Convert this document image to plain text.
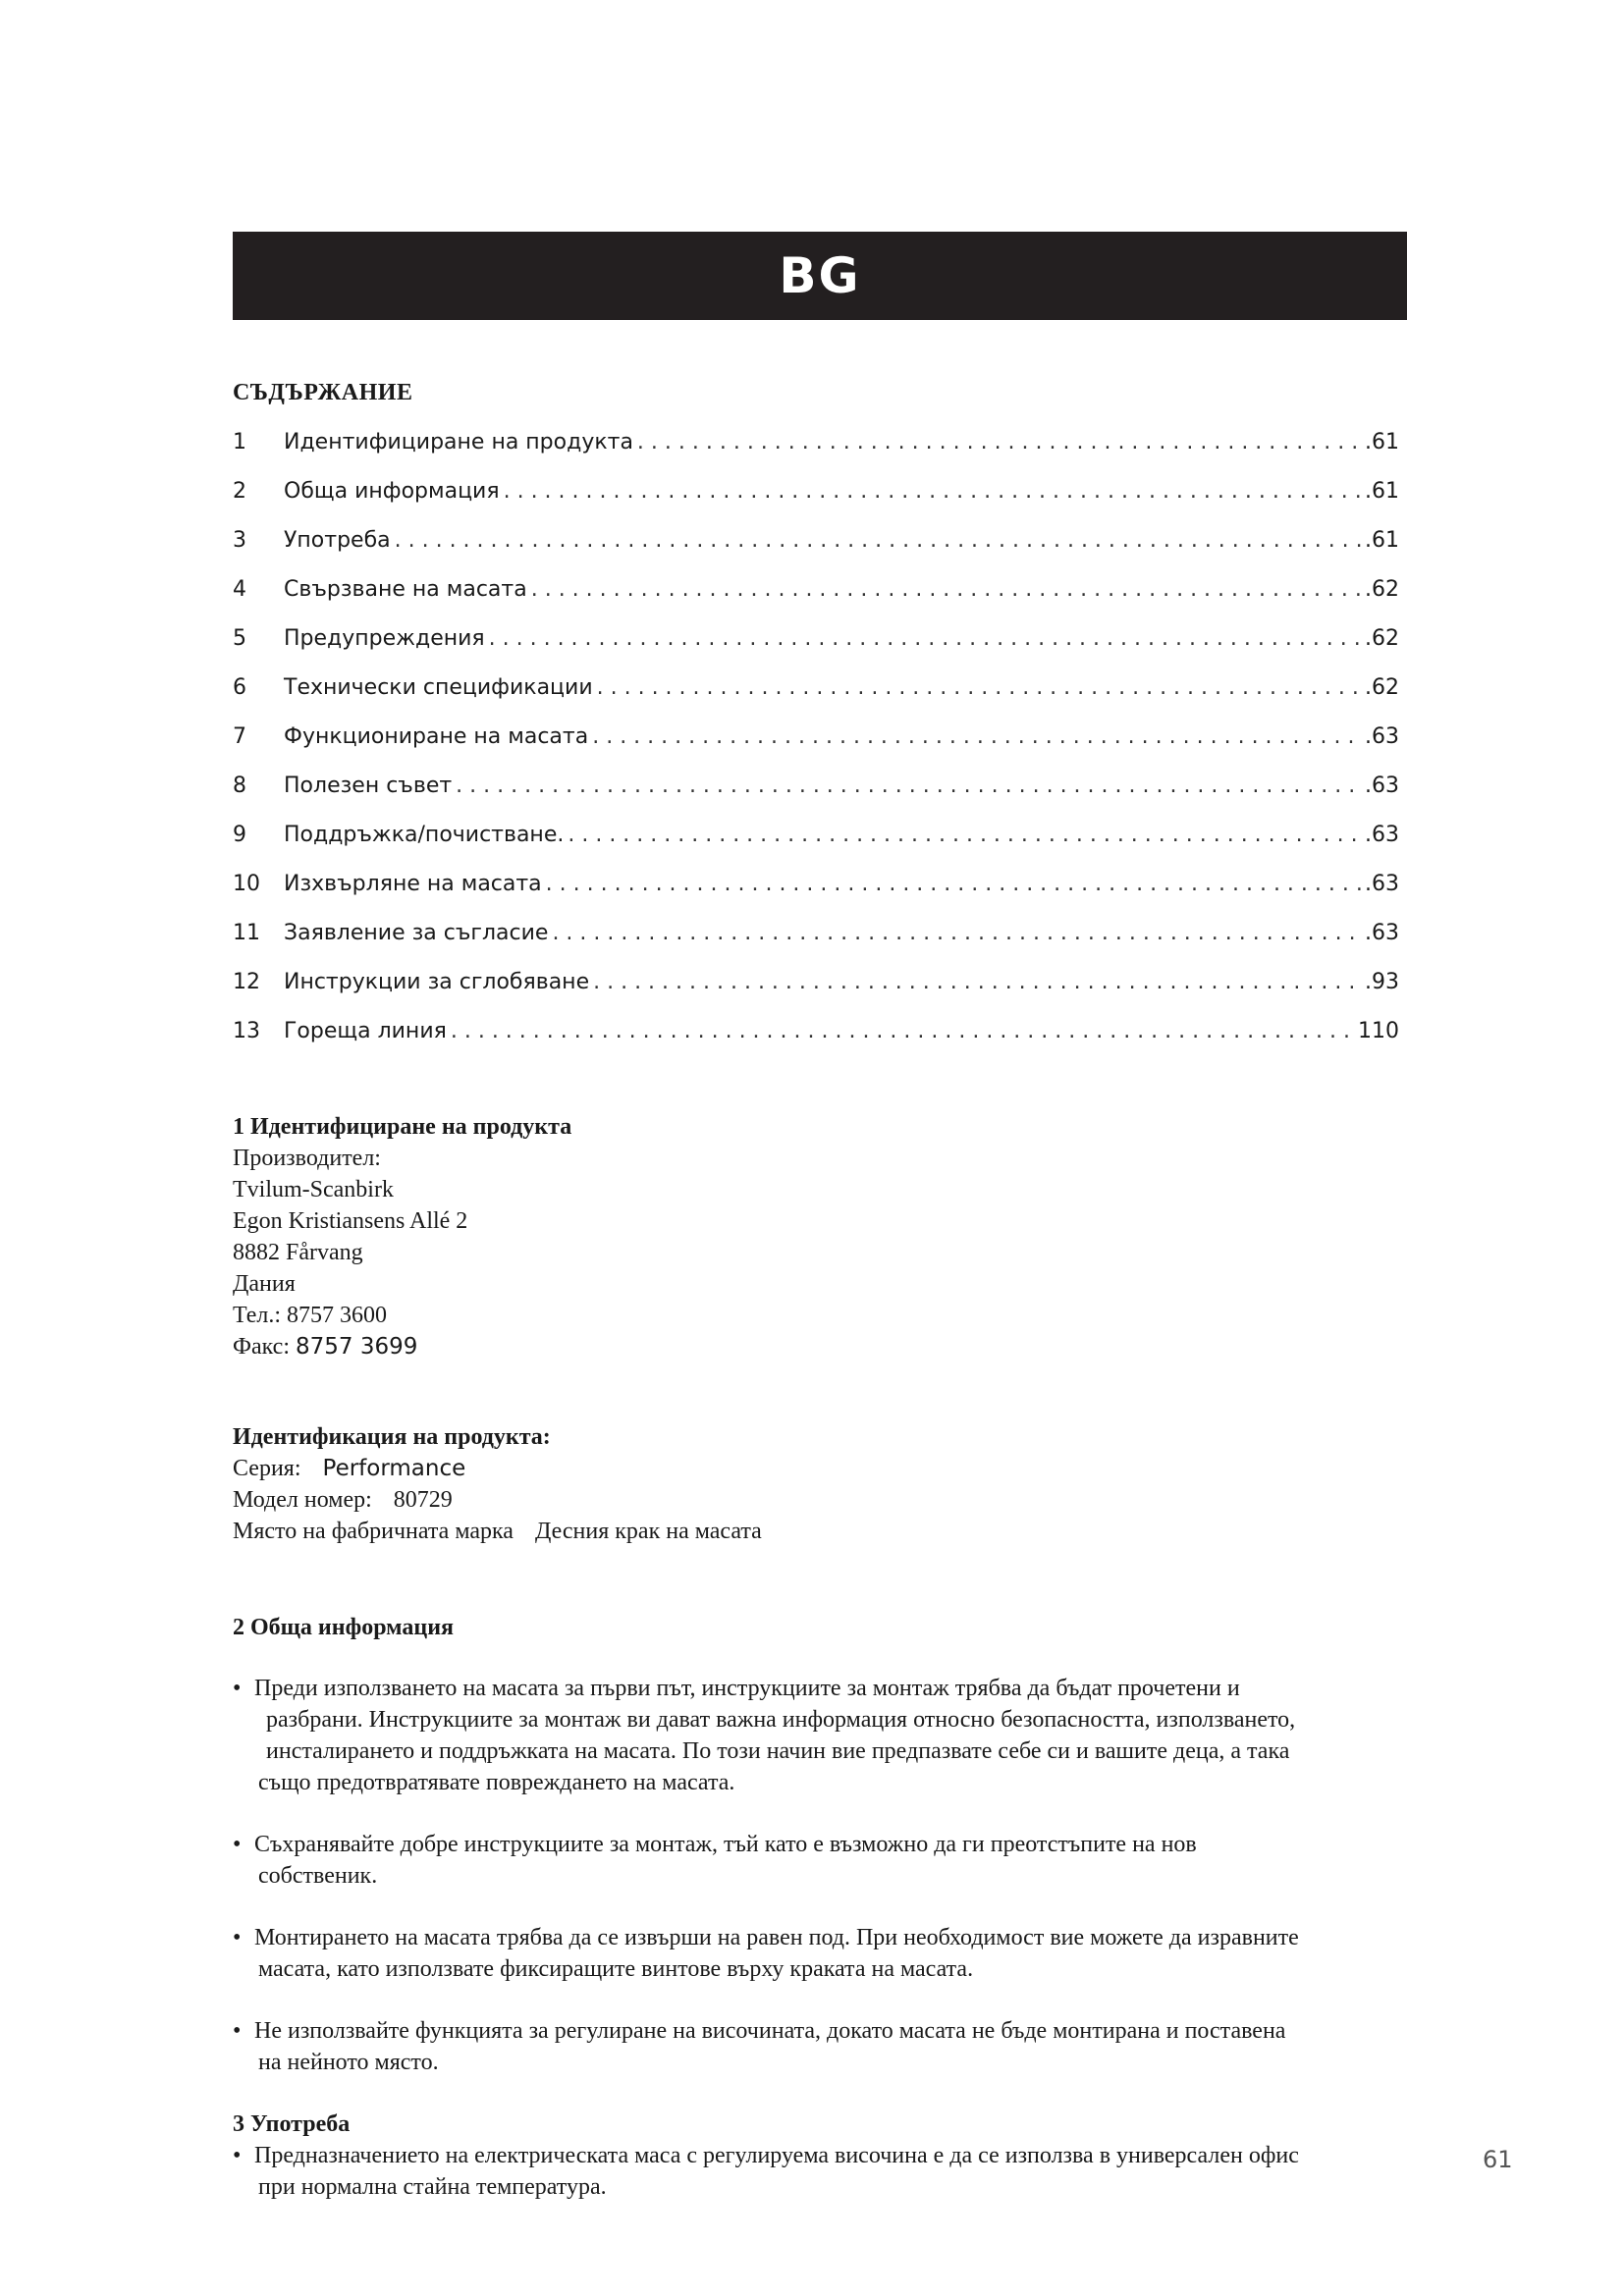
BG
СЪДЪРЖАНИЕ
1	Идентифициране на продукта . . .	.61
2	Обща информация . . .	.61
3	Употреба . . .	.61
4	Свързване на масата . . .	.62
5	Предупреждения . . .	.62
6	Технически спецификации . . .	.62
7	Функциониране на масата . . .	.63
8	Полезен съвет . . .	.63
9	Поддръжка/почистване. . . .	.63
10	Изхвърляне на масата . . .	.63
11	Заявление за съгласие . . .	.63
12	Инструкции за сглобяване . . .	.93
13	Гореща линия . . .	110
1 Идентифициране на продукта
Производител:
Tvilum-Scanbirk
Egon Kristiansens Allé 2
8882 Fårvang
Дания
Тел.: 8757 3600
Факс: 8757 3699
Идентификация на продукта:
Серия: Performance
Модел номер: 80729
Място на фабричната марка Десния крак на масата
2 Обща информация
• Преди използването на масата за първи път, инструкциите за монтаж трябва да бъдат прочетени и

разбрани. Инструкциите за монтаж ви дават важна информация относно безопасността, използването,

инсталирането и поддръжката на масата. По този начин вие предпазвате себе си и вашите деца, а така

също предотвратявате повреждането на масата.

• Съхранявайте добре инструкциите за монтаж, тъй като е възможно да ги преотстъпите на нов

собственик.

• Монтирането на масата трябва да се извърши на равен под. При необходимост вие можете да изравните

масата, като използвате фиксиращите винтове върху краката на масата.

• Не използвайте функцията за регулиране на височината, докато масата не бъде монтирана и поставена

на нейното място.

3 Употреба
• Предназначението на електрическата маса с регулируема височина е да се използва в универсален офис

при нормална стайна температура.

61
